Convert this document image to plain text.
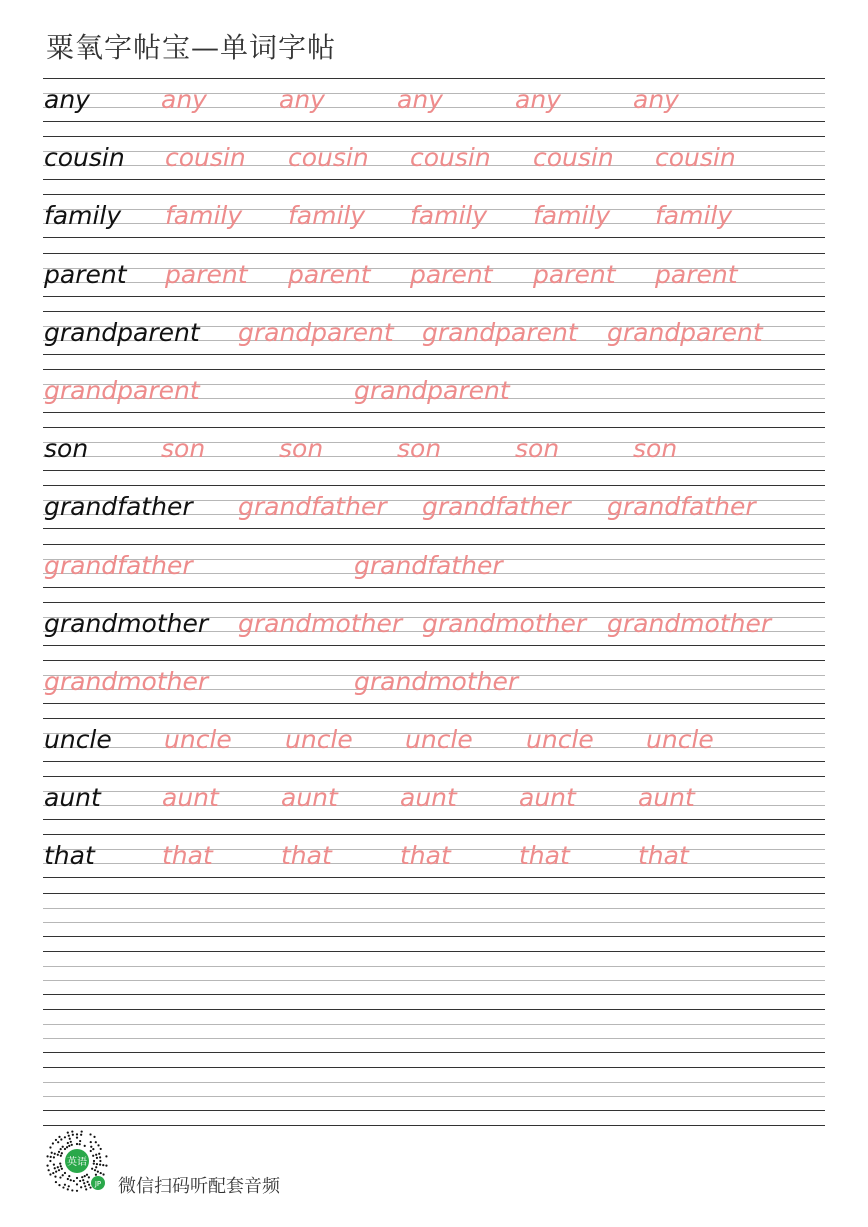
粟氧字帖宝—单词字帖
any	any	any	any	any	any
cousin cousin cousin cousin cousin cousin
family family family family family family
parent parent parent parent parent parent
grandparent grandparent grandparent grandparent
grandparent	grandparent
son	son	son	son	son	son
grandfather grandfather grandfather grandfather
grandfather	grandfather
grandmother grandmother grandmother grandmother
grandmother	grandmother
uncle uncle uncle uncle uncle uncle
aunt aunt aunt aunt aunt aunt
that	that	that	that	that	that
英语
JP 微信扫码听配套音频
